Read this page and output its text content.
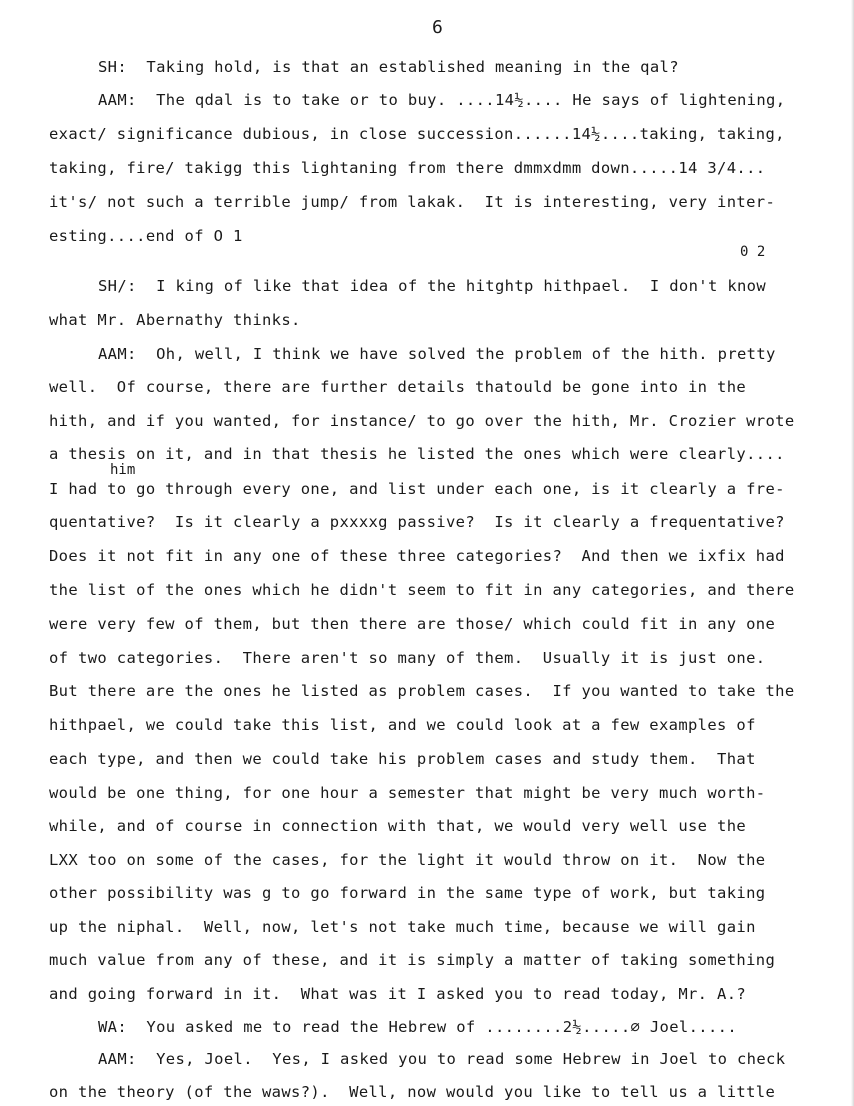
6
SH:  Taking hold, is that an established meaning in the qal?
AAM:  The qdal is to take or to buy. ....14½.... He says of lightening,
exact/ significance dubious, in close succession......14½....taking, taking,
taking, fire/ takigg this lightaning from there dmmxdmm down.....14 3/4...
it's/ not such a terrible jump/ from lakak.  It is interesting, very inter-
esting....end of O 1
0 2
SH/:  I king of like that idea of the hitghtp hithpael.  I don't know
what Mr. Abernathy thinks.
AAM:  Oh, well, I think we have solved the problem of the hith. pretty
well.  Of course, there are further details thatould be gone into in the
hith, and if you wanted, for instance/ to go over the hith, Mr. Crozier wrote
a thesis on it, and in that thesis he listed the ones which were clearly....
him
I had to go through every one, and list under each one, is it clearly a fre-
quentative?  Is it clearly a pxxxxg passive?  Is it clearly a frequentative?
Does it not fit in any one of these three categories?  And then we ixfix had
the list of the ones which he didn't seem to fit in any categories, and there
were very few of them, but then there are those/ which could fit in any one
of two categories.  There aren't so many of them.  Usually it is just one.
But there are the ones he listed as problem cases.  If you wanted to take the
hithpael, we could take this list, and we could look at a few examples of
each type, and then we could take his problem cases and study them.  That
would be one thing, for one hour a semester that might be very much worth-
while, and of course in connection with that, we would very well use the
LXX too on some of the cases, for the light it would throw on it.  Now the
other possibility was g to go forward in the same type of work, but taking
up the niphal.  Well, now, let's not take much time, because we will gain
much value from any of these, and it is simply a matter of taking something
and going forward in it.  What was it I asked you to read today, Mr. A.?
WA:  You asked me to read the Hebrew of ........2½.....∅ Joel.....
AAM:  Yes, Joel.  Yes, I asked you to read some Hebrew in Joel to check
on the theory (of the waws?).  Well, now would you like to tell us a little
